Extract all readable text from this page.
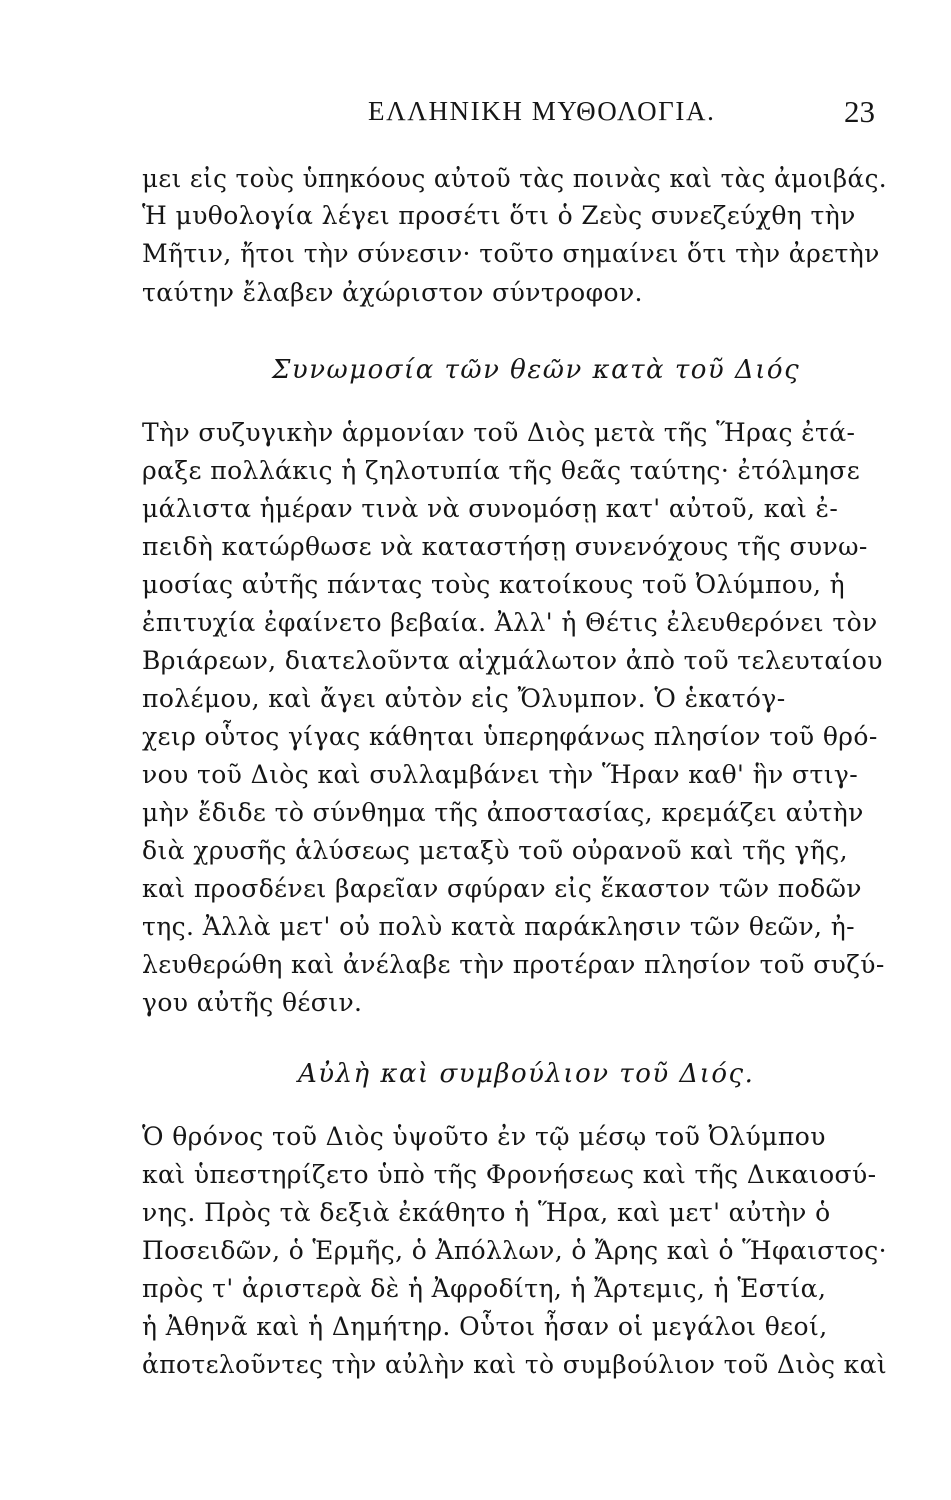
ΕΛΛΗΝΙΚΗ ΜΥΘΟΛΟΓΙΑ.	23
μει εἰς τοὺς ὑπηκόους αὐτοῦ τὰς ποινὰς καὶ τὰς ἀμοιβάς.
Ἡ μυθολογία λέγει προσέτι ὅτι ὁ Ζεὺς συνεζεύχθη τὴν
Μῆτιν, ἤτοι τὴν σύνεσιν· τοῦτο σημαίνει ὅτι τὴν ἀρετὴν
ταύτην ἔλαβεν ἀχώριστον σύντροφον.
Συνωμοσία τῶν θεῶν κατὰ τοῦ Διός
Τὴν συζυγικὴν ἁρμονίαν τοῦ Διὸς μετὰ τῆς Ἥρας ἐτά-
ραξε πολλάκις ἡ ζηλοτυπία τῆς θεᾶς ταύτης· ἐτόλμησε
μάλιστα ἡμέραν τινὰ νὰ συνομόσῃ κατ' αὐτοῦ, καὶ ἐ-
πειδὴ κατώρθωσε νὰ καταστήσῃ συνενόχους τῆς συνω-
μοσίας αὐτῆς πάντας τοὺς κατοίκους τοῦ Ὀλύμπου, ἡ
ἐπιτυχία ἐφαίνετο βεβαία. Ἀλλ' ἡ Θέτις ἐλευθερόνει τὸν
Βριάρεων, διατελοῦντα αἰχμάλωτον ἀπὸ τοῦ τελευταίου
πολέμου, καὶ ἄγει αὐτὸν εἰς Ὄλυμπον. Ὁ ἑκατόγ-
χειρ οὗτος γίγας κάθηται ὑπερηφάνως πλησίον τοῦ θρό-
νου τοῦ Διὸς καὶ συλλαμβάνει τὴν Ἥραν καθ' ἣν στιγ-
μὴν ἔδιδε τὸ σύνθημα τῆς ἀποστασίας, κρεμάζει αὐτὴν
διὰ χρυσῆς ἁλύσεως μεταξὺ τοῦ οὐρανοῦ καὶ τῆς γῆς,
καὶ προσδένει βαρεῖαν σφύραν εἰς ἕκαστον τῶν ποδῶν
της. Ἀλλὰ μετ' οὐ πολὺ κατὰ παράκλησιν τῶν θεῶν, ἠ-
λευθερώθη καὶ ἀνέλαβε τὴν προτέραν πλησίον τοῦ συζύ-
γου αὐτῆς θέσιν.
Αὐλὴ καὶ συμβούλιον τοῦ Διός.
Ὁ θρόνος τοῦ Διὸς ὑψοῦτο ἐν τῷ μέσῳ τοῦ Ὀλύμπου
καὶ ὑπεστηρίζετο ὑπὸ τῆς Φρονήσεως καὶ τῆς Δικαιοσύ-
νης. Πρὸς τὰ δεξιὰ ἐκάθητο ἡ Ἥρα, καὶ μετ' αὐτὴν ὁ
Ποσειδῶν, ὁ Ἑρμῆς, ὁ Ἀπόλλων, ὁ Ἄρης καὶ ὁ Ἥφαιστος·
πρὸς τ' ἀριστερὰ δὲ ἡ Ἀφροδίτη, ἡ Ἄρτεμις, ἡ Ἑστία,
ἡ Ἀθηνᾶ καὶ ἡ Δημήτηρ. Οὗτοι ἦσαν οἱ μεγάλοι θεοί,
ἀποτελοῦντες τὴν αὐλὴν καὶ τὸ συμβούλιον τοῦ Διὸς καὶ
